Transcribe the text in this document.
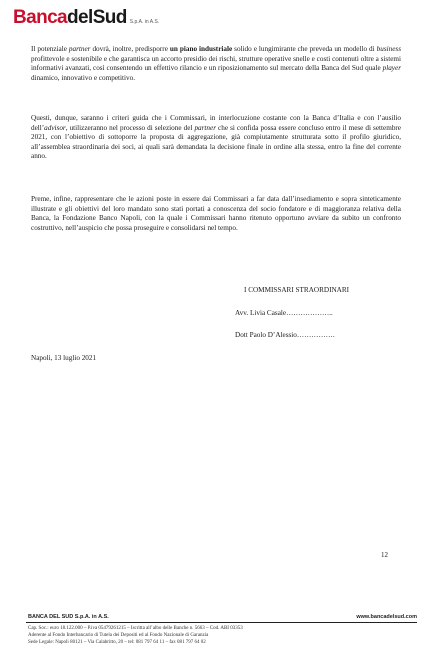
Banca del Sud S.p.A. in A.S.

Il potenziale partner dovrà, inoltre, predisporre un piano industriale solido e lungimirante che preveda un modello di business profittevole e sostenibile e che garantisca un accorto presidio dei rischi, strutture operative snelle e costi contenuti oltre a sistemi informativi avanzati, così consentendo un effettivo rilancio e un riposizionamento sul mercato della Banca del Sud quale player dinamico, innovativo e competitivo.

Questi, dunque, saranno i criteri guida che i Commissari, in interlocuzione costante con la Banca d’Italia e con l’ausilio dell’advisor, utilizzeranno nel processo di selezione del partner che si confida possa essere concluso entro il mese di settembre 2021, con l’obiettivo di sottoporre la proposta di aggregazione, già compiutamente strutturata sotto il profilo giuridico, all’assemblea straordinaria dei soci, ai quali sarà demandata la decisione finale in ordine alla stessa, entro la fine del corrente anno.

Preme, infine, rappresentare che le azioni poste in essere dai Commissari a far data dall’insediamento e sopra sinteticamente illustrate e gli obiettivi del loro mandato sono stati portati a conoscenza del socio fondatore e di maggioranza relativa della Banca, la Fondazione Banco Napoli, con la quale i Commissari hanno ritenuto opportuno avviare da subito un confronto costruttivo, nell’auspicio che possa proseguire e consolidarsi nel tempo.

I COMMISSARI STRAORDINARI
Avv. Livia Casale………………..
Dott Paolo D’Alessio…………….
Napoli, 13 luglio 2021
12
BANCA DEL SUD S.p.A. in A.S.	www.bancadelsud.com
Cap. Soc.: euro 18.122.000 – P.iva 05479261215 – Iscritta all’albo delle Banche n. 5663 – Cod. ABI 03353
Aderente al Fondo Interbancario di Tutela dei Depositi ed al Fondo Nazionale di Garanzia
Sede Legale: Napoli 80121 – Via Calabritto, 20 – tel: 081 797 64 11 – fax 081 797 64 02
